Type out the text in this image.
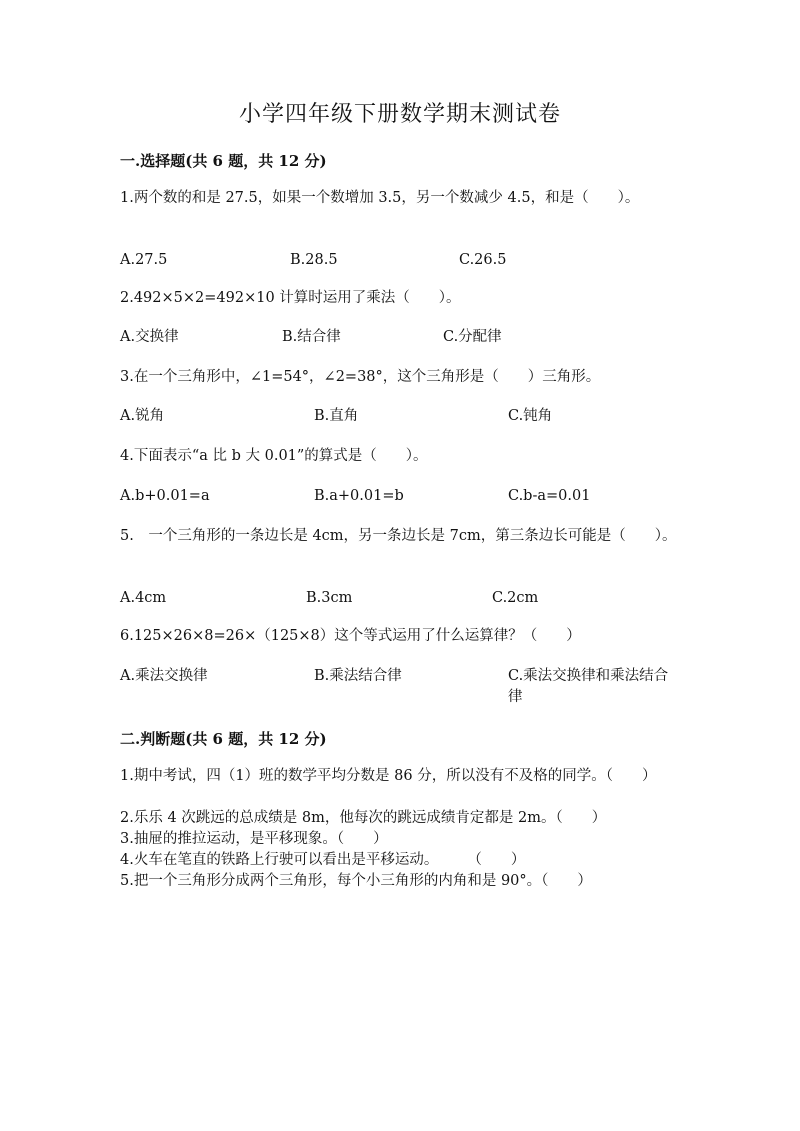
小学四年级下册数学期末测试卷
一.选择题(共 6 题，共 12 分)
1.两个数的和是 27.5，如果一个数增加 3.5，另一个数减少 4.5，和是（　　）。
A.27.5	B.28.5	C.26.5
2.492×5×2=492×10 计算时运用了乘法（　　）。
A.交换律	B.结合律	C.分配律
3.在一个三角形中，∠1=54°，∠2=38°，这个三角形是（　　）三角形。
A.锐角	B.直角	C.钝角
4.下面表示“a 比 b 大 0.01”的算式是（　　）。
A.b+0.01=a	B.a+0.01=b	C.b-a=0.01
5.　一个三角形的一条边长是 4cm，另一条边长是 7cm，第三条边长可能是（　　）。
A.4cm	B.3cm	C.2cm
6.125×26×8=26×（125×8）这个等式运用了什么运算律？（　　）
A.乘法交换律	B.乘法结合律	C.乘法交换律和乘法结合律
二.判断题(共 6 题，共 12 分)
1.期中考试，四（1）班的数学平均分数是 86 分，所以没有不及格的同学。（　　）
2.乐乐 4 次跳远的总成绩是 8m，他每次的跳远成绩肯定都是 2m。（　　）
3.抽屉的推拉运动，是平移现象。（　　）
4.火车在笔直的铁路上行驶可以看出是平移运动。　　　（　　）
5.把一个三角形分成两个三角形，每个小三角形的内角和是 90°。（　　）
